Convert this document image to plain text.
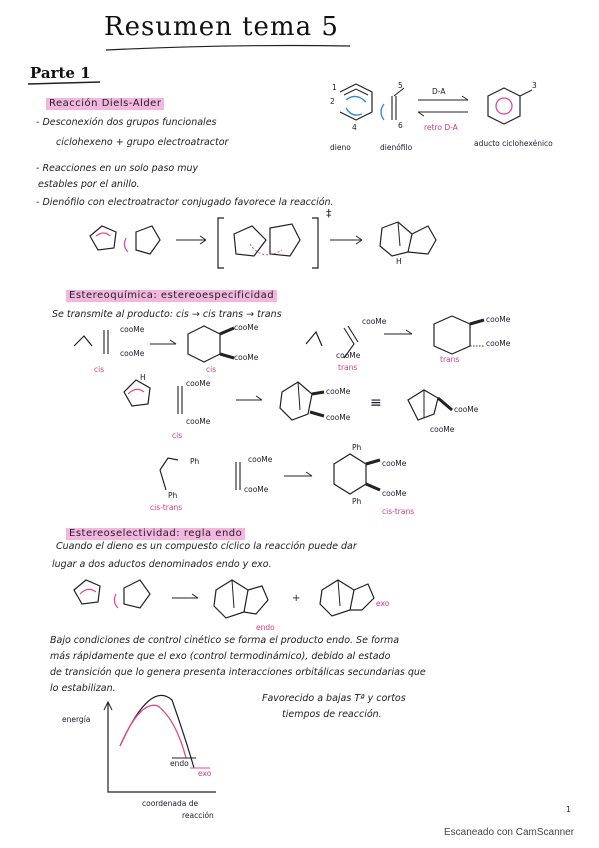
Resumen tema 5
Parte 1
Reacción Diels-Alder
- Desconexión dos grupos funcionales
ciclohexeno + grupo electroatractor
- Reacciones en un solo paso muy
estables por el anillo.
- Dienófilo con electroatractor conjugado favorece la reacción.
2
1
4
5
6
3
D-A
retro D-A
dieno	dienófilo	aducto ciclohexénico
‡
H
Estereoquímica: estereoespecificidad
Se transmite al producto: cis → cis trans → trans
cooMe
cooMe
cis
cooMe
cooMe
cis
cooMe
cooMe
trans
cooMe
cooMe
trans
H
cooMe
cooMe
cis
cooMe
cooMe
≡	cooMe
cooMe
Ph
Ph
cis-trans
cooMe
cooMe
Ph
Ph
cooMe
cooMe
cis-trans
Estereoselectividad: regla endo
Cuando el dieno es un compuesto cíclico la reacción puede dar
lugar a dos aductos denominados endo y exo.
endo
+	exo
Bajo condiciones de control cinético se forma el producto endo. Se forma
más rápidamente que el exo (control termodinámico), debido al estado
de transición que lo genera presenta interacciones orbitálicas secundarias que
lo estabilizan.
Favorecido a bajas Tª y cortos
tiempos de reacción.
energía
endo
exo
coordenada de
reacción
1
Escaneado con CamScanner
